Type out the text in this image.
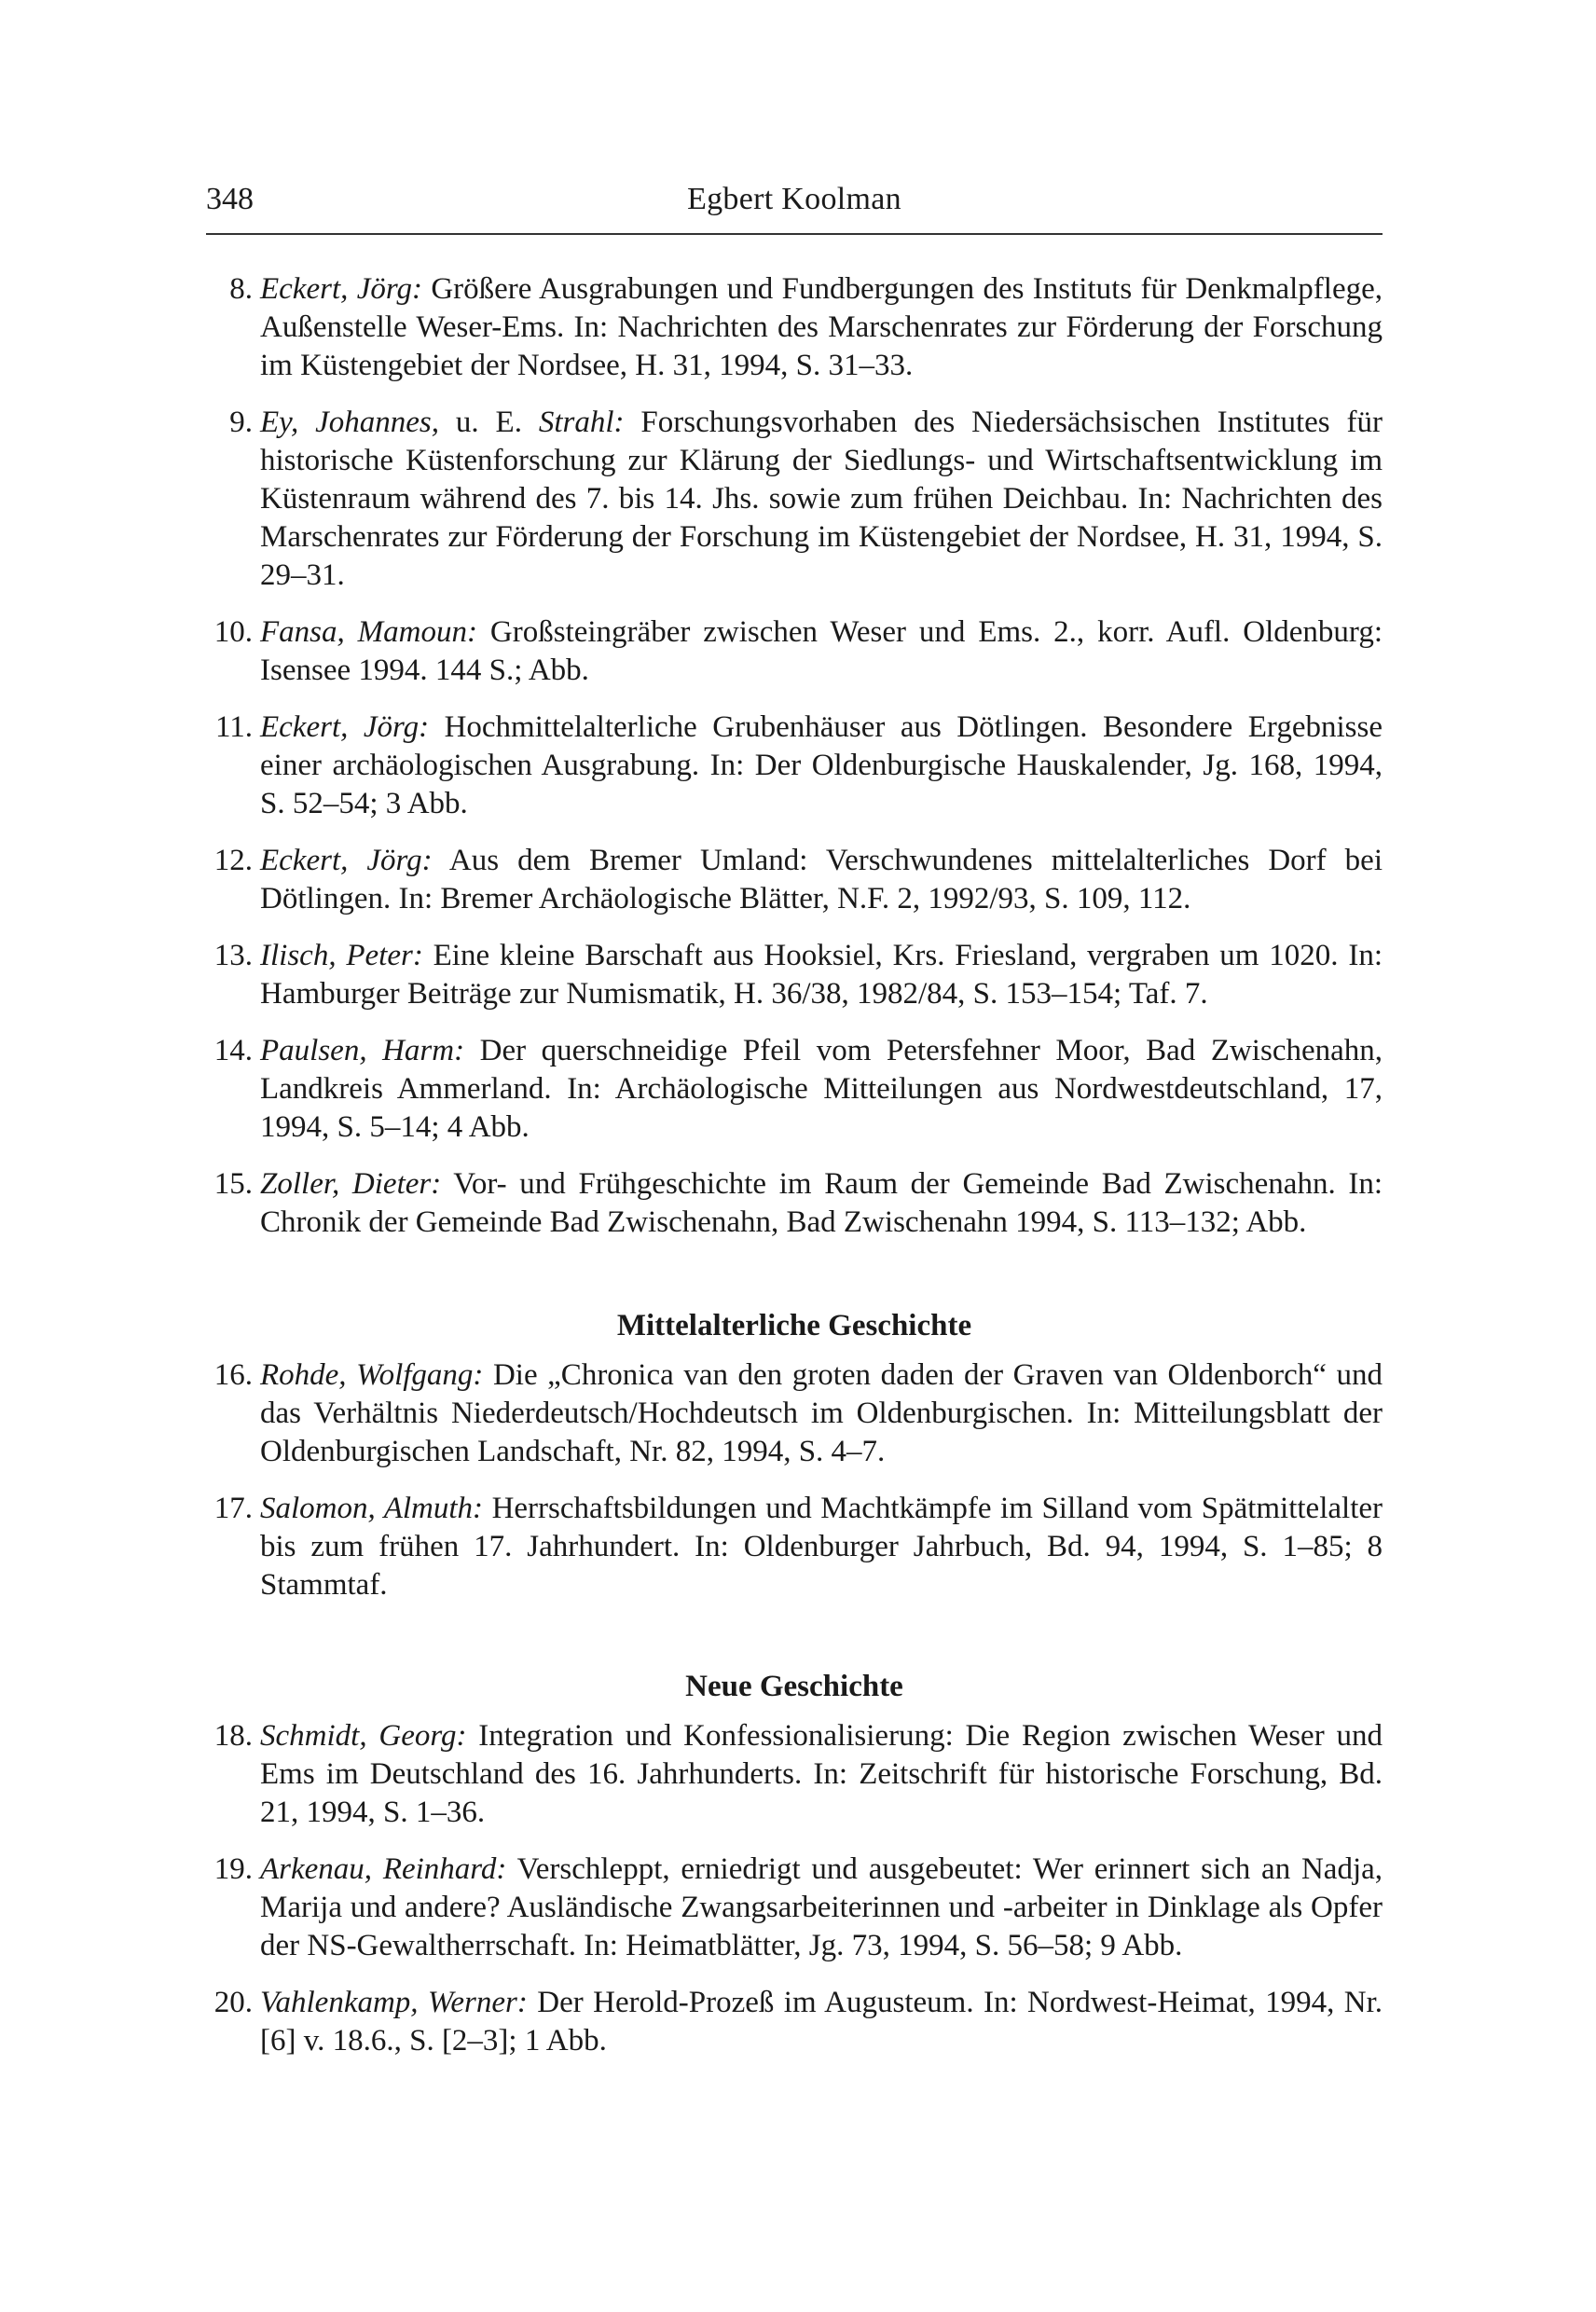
348	Egbert Koolman
8. Eckert, Jörg: Größere Ausgrabungen und Fundbergungen des Instituts für Denkmalpflege, Außenstelle Weser-Ems. In: Nachrichten des Marschenrates zur Förderung der Forschung im Küstengebiet der Nordsee, H. 31, 1994, S. 31–33.
9. Ey, Johannes, u. E. Strahl: Forschungsvorhaben des Niedersächsischen Institutes für historische Küstenforschung zur Klärung der Siedlungs- und Wirtschaftsentwicklung im Küstenraum während des 7. bis 14. Jhs. sowie zum frühen Deichbau. In: Nachrichten des Marschenrates zur Förderung der Forschung im Küstengebiet der Nordsee, H. 31, 1994, S. 29–31.
10. Fansa, Mamoun: Großsteingräber zwischen Weser und Ems. 2., korr. Aufl. Oldenburg: Isensee 1994. 144 S.; Abb.
11. Eckert, Jörg: Hochmittelalterliche Grubenhäuser aus Dötlingen. Besondere Ergebnisse einer archäologischen Ausgrabung. In: Der Oldenburgische Hauskalender, Jg. 168, 1994, S. 52–54; 3 Abb.
12. Eckert, Jörg: Aus dem Bremer Umland: Verschwundenes mittelalterliches Dorf bei Dötlingen. In: Bremer Archäologische Blätter, N.F. 2, 1992/93, S. 109, 112.
13. Ilisch, Peter: Eine kleine Barschaft aus Hooksiel, Krs. Friesland, vergraben um 1020. In: Hamburger Beiträge zur Numismatik, H. 36/38, 1982/84, S. 153–154; Taf. 7.
14. Paulsen, Harm: Der querschneidige Pfeil vom Petersfehner Moor, Bad Zwischenahn, Landkreis Ammerland. In: Archäologische Mitteilungen aus Nordwestdeutschland, 17, 1994, S. 5–14; 4 Abb.
15. Zoller, Dieter: Vor- und Frühgeschichte im Raum der Gemeinde Bad Zwischenahn. In: Chronik der Gemeinde Bad Zwischenahn, Bad Zwischenahn 1994, S. 113–132; Abb.
Mittelalterliche Geschichte
16. Rohde, Wolfgang: Die „Chronica van den groten daden der Graven van Oldenborch“ und das Verhältnis Niederdeutsch/Hochdeutsch im Oldenburgischen. In: Mitteilungsblatt der Oldenburgischen Landschaft, Nr. 82, 1994, S. 4–7.
17. Salomon, Almuth: Herrschaftsbildungen und Machtkämpfe im Silland vom Spätmittelalter bis zum frühen 17. Jahrhundert. In: Oldenburger Jahrbuch, Bd. 94, 1994, S. 1–85; 8 Stammtaf.
Neue Geschichte
18. Schmidt, Georg: Integration und Konfessionalisierung: Die Region zwischen Weser und Ems im Deutschland des 16. Jahrhunderts. In: Zeitschrift für historische Forschung, Bd. 21, 1994, S. 1–36.
19. Arkenau, Reinhard: Verschleppt, erniedrigt und ausgebeutet: Wer erinnert sich an Nadja, Marija und andere? Ausländische Zwangsarbeiterinnen und -arbeiter in Dinklage als Opfer der NS-Gewaltherrschaft. In: Heimatblätter, Jg. 73, 1994, S. 56–58; 9 Abb.
20. Vahlenkamp, Werner: Der Herold-Prozeß im Augusteum. In: Nordwest-Heimat, 1994, Nr. [6] v. 18.6., S. [2–3]; 1 Abb.
